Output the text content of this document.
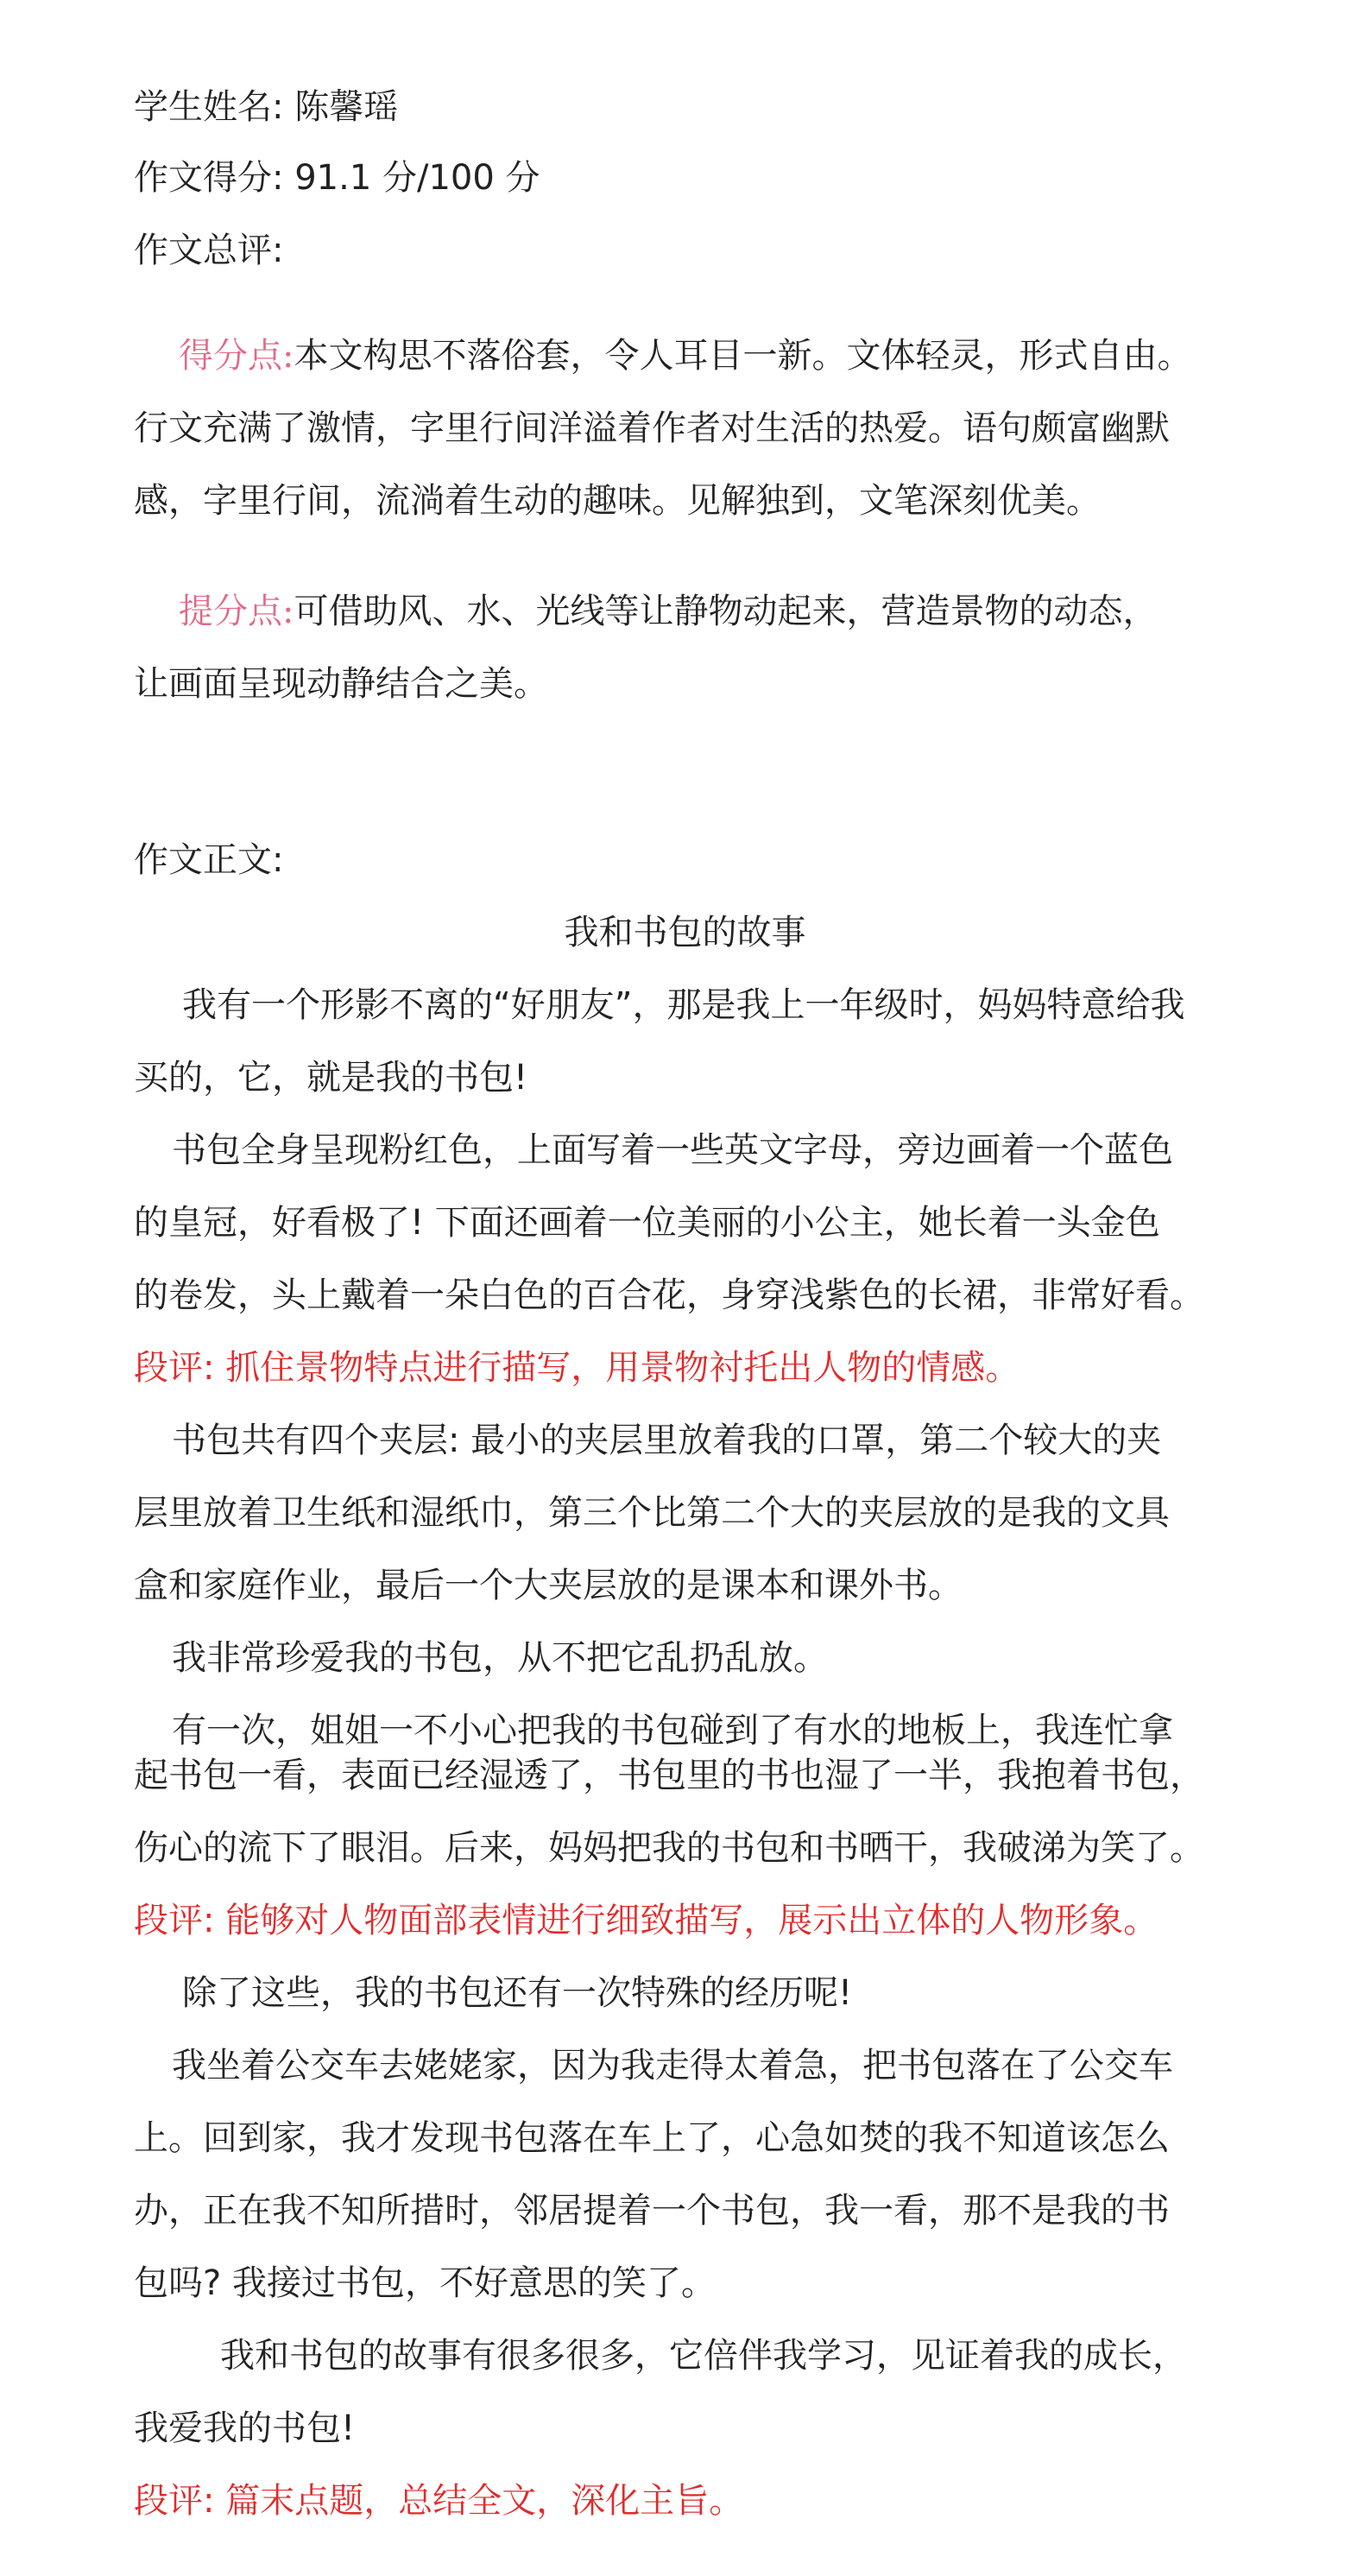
学生姓名: 陈馨瑶
作文得分: 91.1 分/100 分
作文总评:
得分点:本文构思不落俗套，令人耳目一新。文体轻灵，形式自由。
行文充满了激情，字里行间洋溢着作者对生活的热爱。语句颇富幽默
感，字里行间，流淌着生动的趣味。见解独到，文笔深刻优美。
提分点:可借助风、水、光线等让静物动起来，营造景物的动态，
让画面呈现动静结合之美。
作文正文:
我和书包的故事
我有一个形影不离的“好朋友”，那是我上一年级时，妈妈特意给我
买的，它，就是我的书包!
书包全身呈现粉红色，上面写着一些英文字母，旁边画着一个蓝色
的皇冠，好看极了! 下面还画着一位美丽的小公主，她长着一头金色
的卷发，头上戴着一朵白色的百合花，身穿浅紫色的长裙，非常好看。
段评: 抓住景物特点进行描写，用景物衬托出人物的情感。
书包共有四个夹层: 最小的夹层里放着我的口罩，第二个较大的夹
层里放着卫生纸和湿纸巾，第三个比第二个大的夹层放的是我的文具
盒和家庭作业，最后一个大夹层放的是课本和课外书。
我非常珍爱我的书包，从不把它乱扔乱放。
有一次，姐姐一不小心把我的书包碰到了有水的地板上，我连忙拿
起书包一看，表面已经湿透了，书包里的书也湿了一半，我抱着书包，
伤心的流下了眼泪。后来，妈妈把我的书包和书晒干，我破涕为笑了。
段评: 能够对人物面部表情进行细致描写，展示出立体的人物形象。
除了这些，我的书包还有一次特殊的经历呢!
我坐着公交车去姥姥家，因为我走得太着急，把书包落在了公交车
上。回到家，我才发现书包落在车上了，心急如焚的我不知道该怎么
办，正在我不知所措时，邻居提着一个书包，我一看，那不是我的书
包吗? 我接过书包，不好意思的笑了。
我和书包的故事有很多很多，它倍伴我学习，见证着我的成长，
我爱我的书包!
段评: 篇末点题，总结全文，深化主旨。
